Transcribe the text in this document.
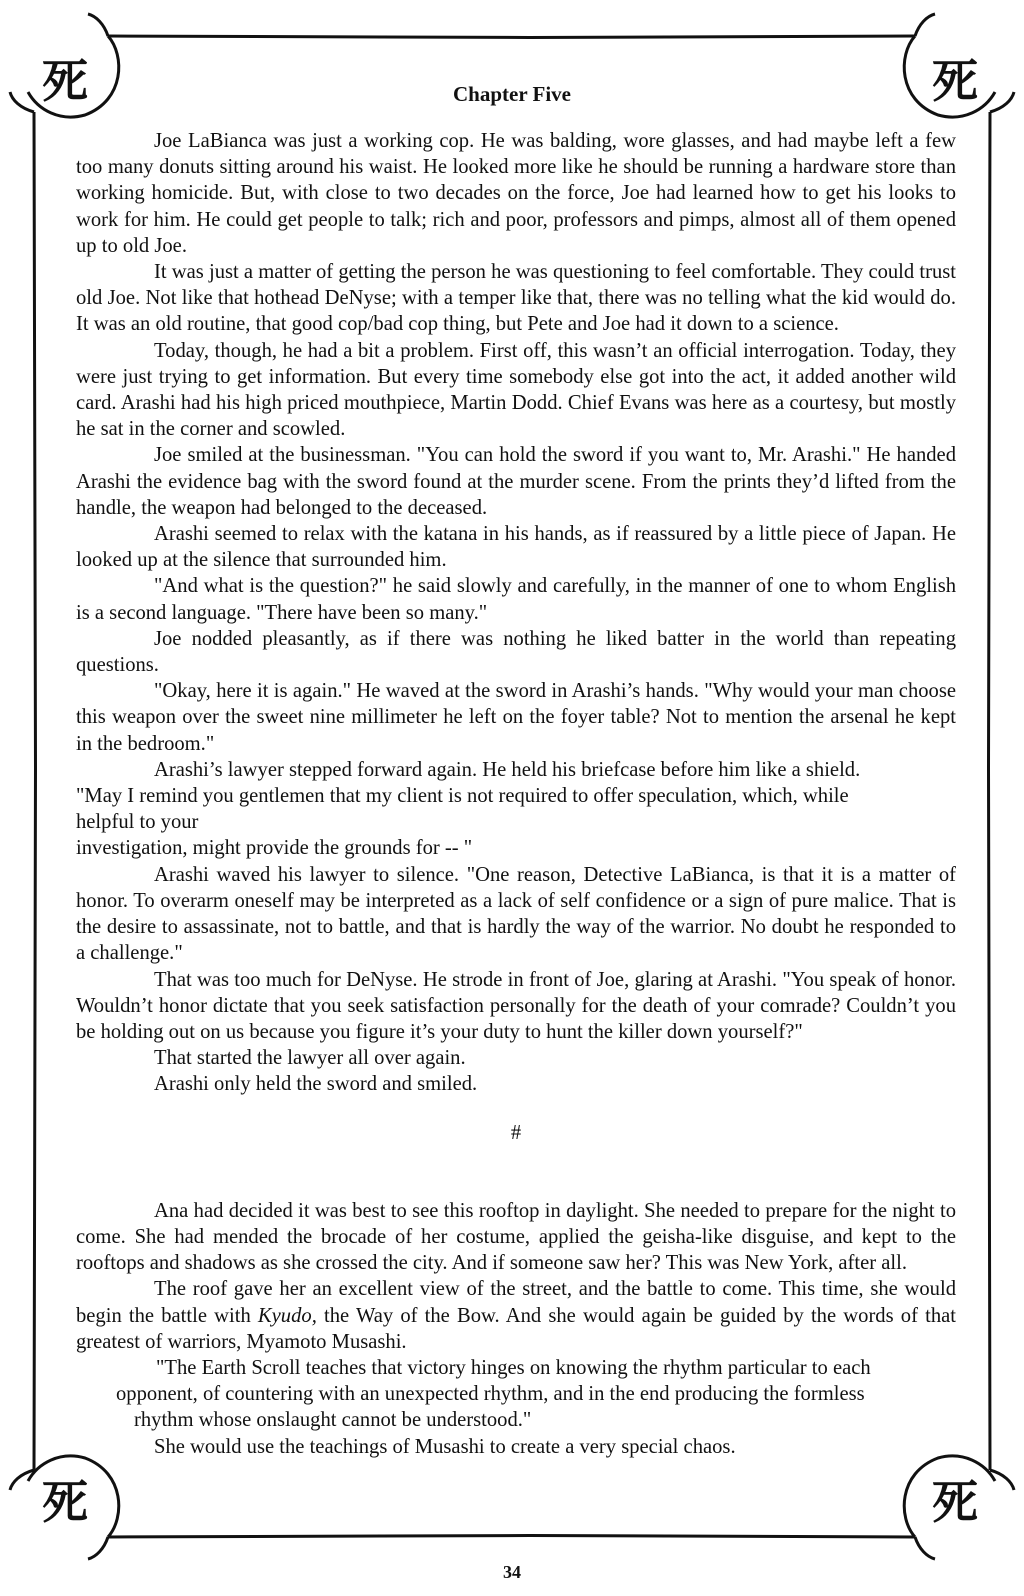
死	死
死	死
Chapter Five

Joe LaBianca was just a working cop. He was balding, wore glasses, and had maybe left a few too many donuts sitting around his waist. He looked more like he should be running a hardware store than working homicide. But, with close to two decades on the force, Joe had learned how to get his looks to work for him. He could get people to talk; rich and poor, professors and pimps, almost all of them opened up to old Joe.

It was just a matter of getting the person he was questioning to feel comfortable. They could trust old Joe. Not like that hothead DeNyse; with a temper like that, there was no telling what the kid would do. It was an old routine, that good cop/bad cop thing, but Pete and Joe had it down to a science.

Today, though, he had a bit a problem. First off, this wasn’t an official interrogation. Today, they were just trying to get information. But every time somebody else got into the act, it added another wild card. Arashi had his high priced mouthpiece, Martin Dodd. Chief Evans was here as a courtesy, but mostly he sat in the corner and scowled.

Joe smiled at the businessman. "You can hold the sword if you want to, Mr. Arashi." He handed Arashi the evidence bag with the sword found at the murder scene. From the prints they’d lifted from the handle, the weapon had belonged to the deceased.

Arashi seemed to relax with the katana in his hands, as if reassured by a little piece of Japan. He looked up at the silence that surrounded him.

"And what is the question?" he said slowly and carefully, in the manner of one to whom English is a second language. "There have been so many."

Joe nodded pleasantly, as if there was nothing he liked batter in the world than repeating questions.

"Okay, here it is again." He waved at the sword in Arashi’s hands. "Why would your man choose this weapon over the sweet nine millimeter he left on the foyer table? Not to mention the arsenal he kept in the bedroom."

Arashi’s lawyer stepped forward again. He held his briefcase before him like a shield.

"May I remind you gentlemen that my client is not required to offer speculation, which, while

helpful to your

investigation, might provide the grounds for -- "

Arashi waved his lawyer to silence. "One reason, Detective LaBianca, is that it is a matter of honor. To overarm oneself may be interpreted as a lack of self confidence or a sign of pure malice. That is the desire to assassinate, not to battle, and that is hardly the way of the warrior. No doubt he responded to a challenge."

That was too much for DeNyse. He strode in front of Joe, glaring at Arashi. "You speak of honor. Wouldn’t honor dictate that you seek satisfaction personally for the death of your comrade? Couldn’t you be holding out on us because you figure it’s your duty to hunt the killer down yourself?"

That started the lawyer all over again.

Arashi only held the sword and smiled.

#

Ana had decided it was best to see this rooftop in daylight. She needed to prepare for the night to come. She had mended the brocade of her costume, applied the geisha-like disguise, and kept to the rooftops and shadows as she crossed the city. And if someone saw her? This was New York, after all.

The roof gave her an excellent view of the street, and the battle to come. This time, she would begin the battle with Kyudo, the Way of the Bow. And she would again be guided by the words of that greatest of warriors, Myamoto Musashi.

"The Earth Scroll teaches that victory hinges on knowing the rhythm particular to each
opponent, of countering with an unexpected rhythm, and in the end producing the formless
rhythm whose onslaught cannot be understood."

She would use the teachings of Musashi to create a very special chaos.

34
